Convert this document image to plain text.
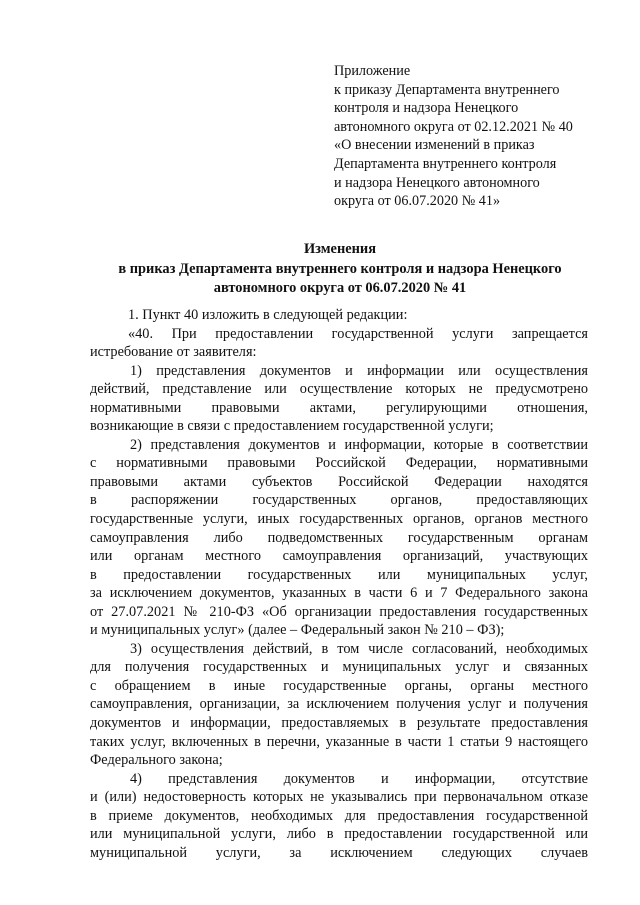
Приложение
к приказу Департамента внутреннего
контроля и надзора Ненецкого
автономного округа от 02.12.2021 № 40
«О внесении изменений в приказ
Департамента внутреннего контроля
и надзора Ненецкого автономного
округа от 06.07.2020 № 41»
Изменения
в приказ Департамента внутреннего контроля и надзора Ненецкого
автономного округа от 06.07.2020 № 41
1. Пункт 40 изложить в следующей редакции:
«40. При предоставлении государственной услуги запрещается
истребование от заявителя:
1) представления документов и информации или осуществления
действий, представление или осуществление которых не предусмотрено
нормативными правовыми актами, регулирующими отношения,
возникающие в связи с предоставлением государственной услуги;
2) представления документов и информации, которые в соответствии
с нормативными правовыми Российской Федерации, нормативными
правовыми актами субъектов Российской Федерации находятся
в распоряжении государственных органов, предоставляющих
государственные услуги, иных государственных органов, органов местного
самоуправления либо подведомственных государственным органам
или органам местного самоуправления организаций, участвующих
в предоставлении государственных или муниципальных услуг,
за исключением документов, указанных в части 6 и 7 Федерального закона
от 27.07.2021 № 210-ФЗ «Об организации предоставления государственных
и муниципальных услуг» (далее – Федеральный закон № 210 – ФЗ);
3) осуществления действий, в том числе согласований, необходимых
для получения государственных и муниципальных услуг и связанных
с обращением в иные государственные органы, органы местного
самоуправления, организации, за исключением получения услуг и получения
документов и информации, предоставляемых в результате предоставления
таких услуг, включенных в перечни, указанные в части 1 статьи 9 настоящего
Федерального закона;
4) представления документов и информации, отсутствие
и (или) недостоверность которых не указывались при первоначальном отказе
в приеме документов, необходимых для предоставления государственной
или муниципальной услуги, либо в предоставлении государственной или
муниципальной услуги, за исключением следующих случаев
